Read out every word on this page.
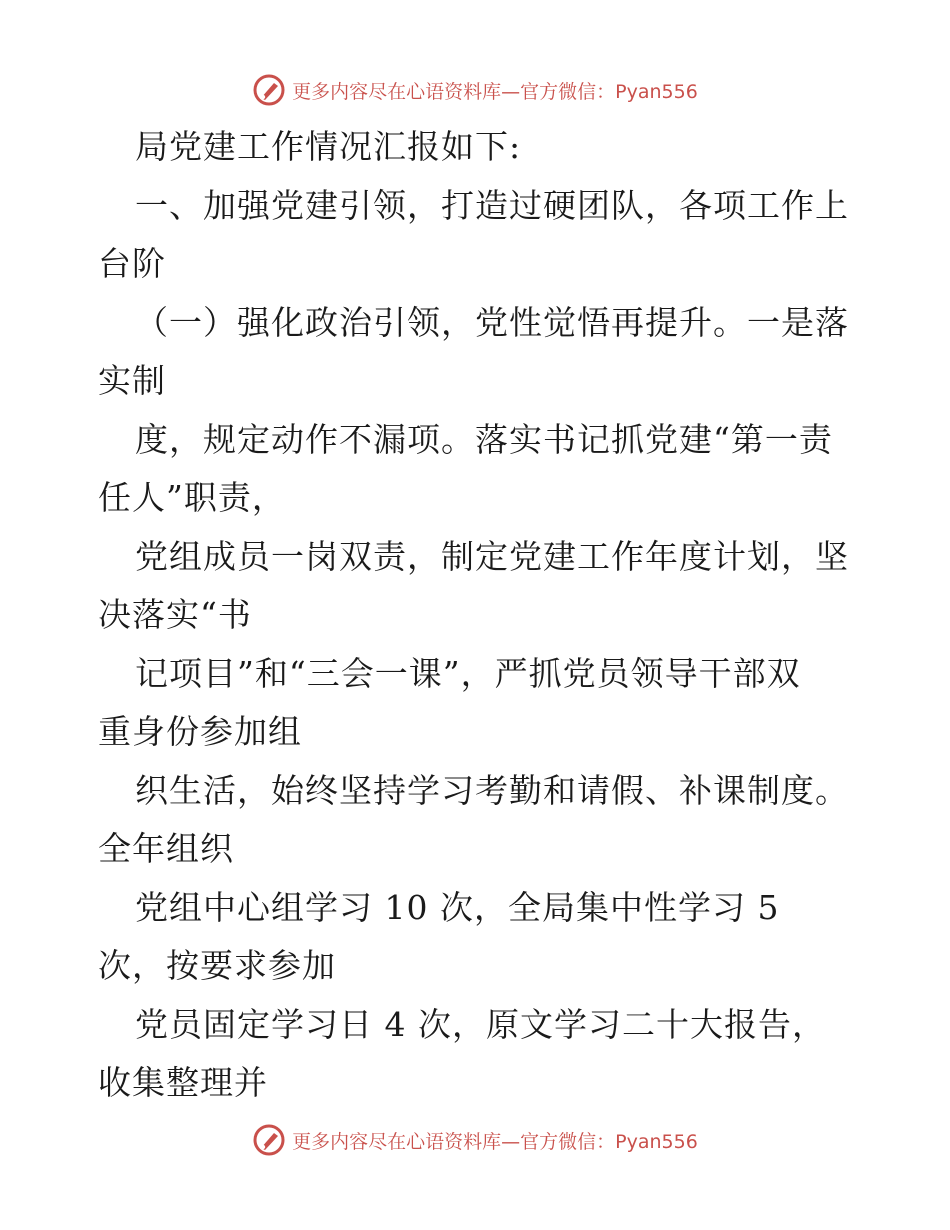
更多内容尽在心语资料库—官方微信：Pyan556
局党建工作情况汇报如下:
一、加强党建引领，打造过硬团队，各项工作上
台阶
（一）强化政治引领，党性觉悟再提升。一是落
实制
度，规定动作不漏项。落实书记抓党建“第一责
任人”职责，
党组成员一岗双责，制定党建工作年度计划，坚
决落实“书
记项目”和“三会一课”，严抓党员领导干部双
重身份参加组
织生活，始终坚持学习考勤和请假、补课制度。
全年组织
党组中心组学习 10 次，全局集中性学习 5
次，按要求参加
党员固定学习日 4 次，原文学习二十大报告，
收集整理并
更多内容尽在心语资料库—官方微信：Pyan556
